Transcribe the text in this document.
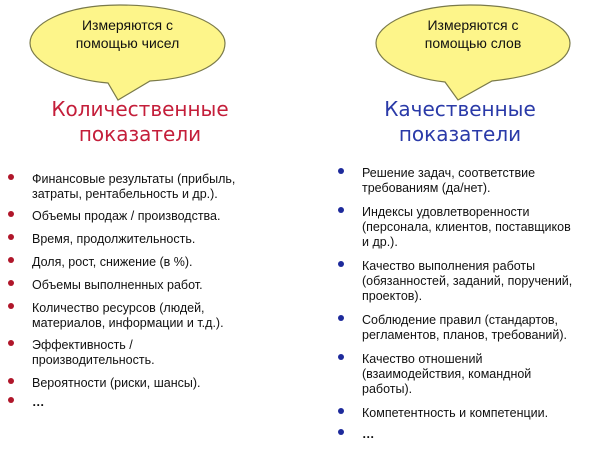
Измеряются с
помощью чисел
Измеряются с
помощью слов
Количественные
показатели
Качественные
показатели
Финансовые результаты (прибыль,
затраты, рентабельность и др.).
Объемы продаж / производства.
Время, продолжительность.
Доля, рост, снижение (в %).
Объемы выполненных работ.
Количество ресурсов (людей,
материалов, информации и т.д.).
Эффективность /
производительность.
Вероятности (риски, шансы).
…
Решение задач, соответствие
требованиям (да/нет).
Индексы удовлетворенности
(персонала, клиентов, поставщиков
и др.).
Качество выполнения работы
(обязанностей, заданий, поручений,
проектов).
Соблюдение правил (стандартов,
регламентов, планов, требований).
Качество отношений
(взаимодействия, командной
работы).
Компетентность и компетенции.
…
